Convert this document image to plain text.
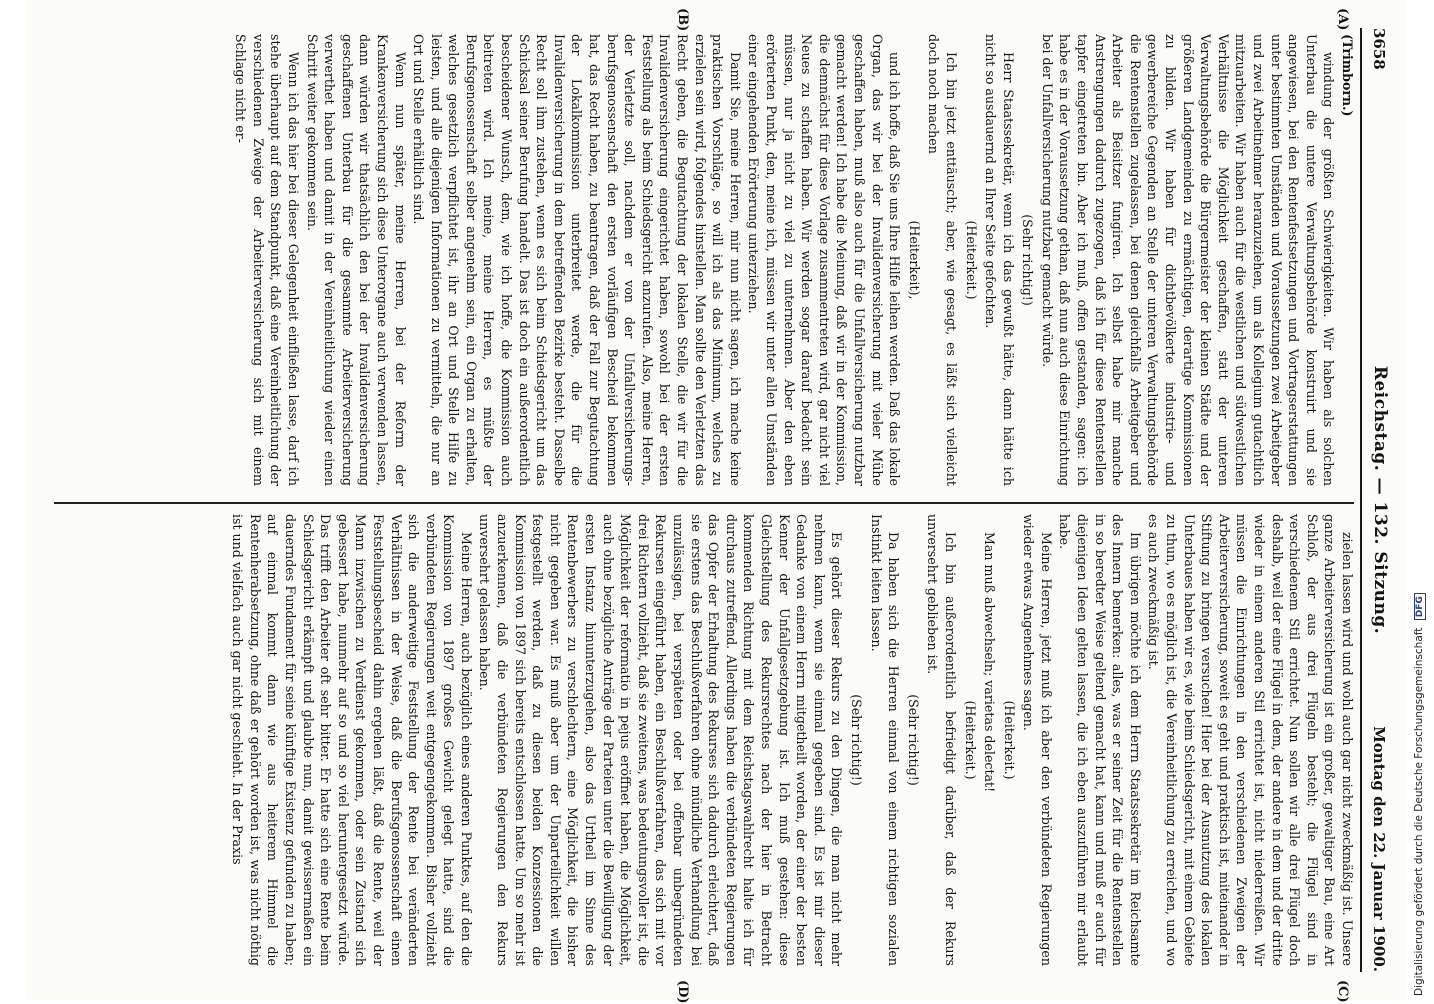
3658
Reichstag. — 132. Sitzung.
Montag den 22. Januar 1900.
(A)
(B)
(C)
(D)

(Trimborn.)

windung der größten Schwierigkeiten. Wir haben als solchen Unterbau die untere Verwaltungsbehörde konstruirt und sie angewiesen, bei den Rentenfestsetzungen und Vortragserstattungen unter bestimmten Umständen und Voraussetzungen zwei Arbeitgeber und zwei Arbeitnehmer heranzuziehen, um als Kollegium gutachtlich mitzuarbeiten. Wir haben auch für die westlichen und südwestlichen Verhältnisse die Möglichkeit geschaffen, statt der unteren Verwaltungsbehörde die Bürgermeister der kleinen Städte und der größeren Landgemeinden zu ermächtigen, derartige Kommissionen zu bilden. Wir haben für dichtbevölkerte industrie- und gewerbereiche Gegenden an Stelle der unteren Verwaltungsbehörde die Rentenstellen zugelassen, bei denen gleichfalls Arbeitgeber und Arbeiter als Beisitzer fungiren. Ich selbst habe mir manche Anstrengungen dadurch zugezogen, daß ich für diese Rentenstellen tapfer eingetreten bin. Aber ich muß, offen gestanden, sagen: ich habe es in der Voraussetzung gethan, daß nun auch diese Einrichtung bei der Unfallversicherung nutzbar gemacht würde.

(Sehr richtig!)

Herr Staatssekretär, wenn ich das gewußt hätte, dann hätte ich nicht so ausdauernd an Ihrer Seite gefochten.

(Heiterkeit.)

Ich bin jetzt enttäuscht; aber, wie gesagt, es läßt sich vielleicht doch noch machen

(Heiterkeit),

und ich hoffe, daß Sie uns Ihre Hilfe leihen werden. Daß das lokale Organ, das wir bei der Invalidenversicherung mit vieler Mühe geschaffen haben, muß also auch für die Unfallversicherung nutzbar gemacht werden! Ich habe die Meinung, daß wir in der Kommission, die demnächst für diese Vorlage zusammentreten wird, gar nicht viel Neues zu schaffen haben. Wir werden sogar darauf bedacht sein müssen, nur ja nicht zu viel zu unternehmen. Aber den eben erörterten Punkt, den, meine ich, müssen wir unter allen Umständen einer eingehenden Erörterung unterziehen.

Damit Sie, meine Herren, mir nun nicht sagen, ich mache keine praktischen Vorschläge, so will ich als das Minimum, welches zu erzielen sein wird, folgendes hinstellen. Man sollte den Verletzten das Recht geben, die Begutachtung der lokalen Stelle, die wir für die Invalidenversicherung eingerichtet haben, sowohl bei der ersten Feststellung als beim Schiedsgericht anzurufen. Also, meine Herren, der Verletzte soll, nachdem er von der Unfallversicherungs-berufsgenossenschaft den ersten vorläufigen Bescheid bekommen hat, das Recht haben, zu beantragen, daß der Fall zur Begutachtung der Lokalkommission unterbreitet werde, die für die Invalidenversicherung in dem betreffenden Bezirke besteht. Dasselbe Recht soll ihm zustehen, wenn es sich beim Schiedsgericht um das Schicksal seiner Berufung handelt. Das ist doch ein außerordentlich bescheidener Wunsch, dem, wie ich hoffe, die Kommission auch beitreten wird. Ich meine, meine Herren, es müßte der Berufsgenossenschaft selber angenehm sein, ein Organ zu erhalten, welches gesetzlich verpflichtet ist, ihr an Ort und Stelle Hilfe zu leisten, und alle diejenigen Informationen zu vermitteln, die nur an Ort und Stelle erhältlich sind.

Wenn nun später, meine Herren, bei der Reform der Krankenversicherung sich diese Unterorgane auch verwenden lassen, dann würden wir thatsächlich den bei der Invalidenversicherung geschaffenen Unterbau für die gesammte Arbeiterversicherung verwerthet haben und damit in der Vereinheitlichung wieder einen Schritt weiter gekommen sein.

Wenn ich das hier bei dieser Gelegenheit einfließen lasse, darf ich stehe überhaupt auf dem Standpunkt, daß eine Vereinheitlichung der verschiedenen Zweige der Arbeiterversicherung sich mit einem Schlage nicht er-

zielen lassen wird und wohl auch gar nicht zweckmäßig ist. Unsere ganze Arbeiterversicherung ist ein großer, gewaltiger Bau, eine Art Schloß, der aus drei Flügeln besteht; die Flügel sind in verschiedenem Stil errichtet. Nun sollen wir alle drei Flügel doch deshalb, weil der eine Flügel in dem, der andere in dem und der dritte wieder in einem anderen Stil errichtet ist, nicht niederreißen. Wir müssen die Einrichtungen in den verschiedenen Zweigen der Arbeiterversicherung, soweit es geht und praktisch ist, miteinander in Stiftung zu bringen versuchen! Hier bei der Ausnutzung des lokalen Unterbaues haben wir es, wie beim Schiedsgericht, mit einem Gebiete zu thun, wo es möglich ist, die Vereinheitlichung zu erreichen, und wo es auch zweckmäßig ist.

Im übrigen möchte ich dem Herrn Staatssekretär im Reichsamte des Innern bemerken: alles, was er seiner Zeit für die Rentenstellen in so beredter Weise geltend gemacht hat, kann und muß er auch für diejenigen Ideen gelten lassen, die ich eben auszuführen mir erlaubt habe.

Meine Herren, jetzt muß ich aber den verbündeten Regierungen wieder etwas Angenehmes sagen.

(Heiterkeit.)

Man muß abwechseln; varietas delectat!

(Heiterkeit.)

Ich bin außerordentlich befriedigt darüber, daß der Rekurs unversehrt geblieben ist.

(Sehr richtig!)

Da haben sich die Herren einmal von einem richtigen sozialen Instinkt leiten lassen.

(Sehr richtig!)

Es gehört dieser Rekurs zu den Dingen, die man nicht mehr nehmen kann, wenn sie einmal gegeben sind. Es ist mir dieser Gedanke von einem Herrn mitgetheilt worden, der einer der besten Kenner der Unfallgesetzgebung ist. Ich muß gestehen: diese Gleichstellung des Rekursrechtes nach der hier in Betracht kommenden Richtung mit dem Reichstagswahlrecht halte ich für durchaus zutreffend. Allerdings haben die verbündeten Regierungen das Opfer der Erhaltung des Rekurses sich dadurch erleichtert, daß sie erstens das Beschlußverfahren ohne mündliche Verhandlung bei unzulässigen, bei verspäteten oder bei offenbar unbegründeten Rekursen eingeführt haben, ein Beschlußverfahren, das sich mit vor drei Richtern vollzieht, daß sie zweitens, was bedeutungsvoller ist, die Möglichkeit der reformatio in pejus eröffnet haben, die Möglichkeit, auch ohne bezügliche Anträge der Parteien unter die Bewilligung der ersten Instanz hinunterzugehen, also das Urtheil im Sinne des Rentenbewerbers zu verschlechtern, eine Möglichkeit, die bisher nicht gegeben war. Es muß aber um der Unparteilichkeit willen festgestellt werden, daß zu diesen beiden Konzessionen die Kommission von 1897 sich bereits entschlossen hatte. Um so mehr ist anzuerkennen, daß die verbündeten Regierungen den Rekurs unversehrt gelassen haben.

Meine Herren, auch bezüglich eines anderen Punktes, auf den die Kommission von 1897 großes Gewicht gelegt hatte, sind die verbündeten Regierungen weit entgegengekommen. Bisher vollzieht sich die anderweitige Feststellung der Rente bei veränderten Verhältnissen in der Weise, daß die Berufsgenossenschaft einen Feststellungsbescheid dahin ergehen läßt, daß die Rente, weil der Mann inzwischen zu Verdienst gekommen, oder sein Zustand sich gebessert habe, nunmehr auf so und so viel heruntergesetzt würde. Das trifft den Arbeiter oft sehr bitter. Er hatte sich eine Rente beim Schiedsgericht erkämpft und glaubte nun, damit gewissermaßen ein dauerndes Fundament für seine künftige Existenz gefunden zu haben; auf einmal kommt dann wie aus heiterem Himmel die Rentenherabsetzung, ohne daß er gehört worden ist, was nicht nöthig ist und vielfach auch gar nicht geschieht. In der Praxis	Digitalisierung gefördert durch die Deutsche Forschungsgemeinschaft DFG
